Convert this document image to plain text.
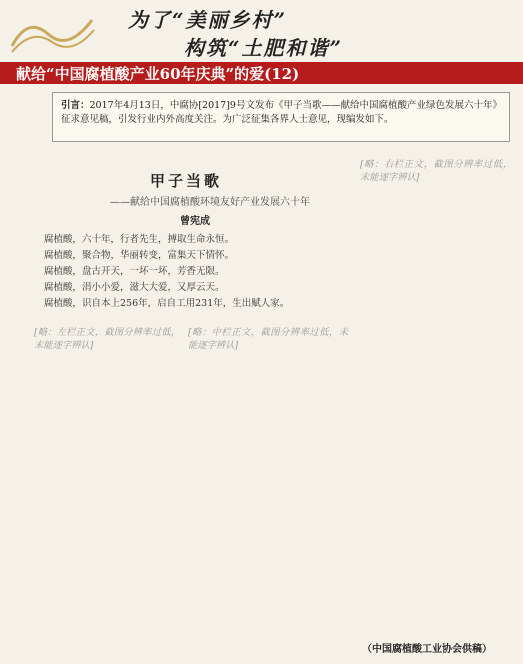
为了“美丽乡村”
构筑“土肥和谐”
献给“中国腐植酸产业60年庆典”的爱(12)
引言：2017年4月13日，中腐协[2017]9号文发布《甲子当歌——献给中国腐植酸产业绿色发展六十年》征求意见稿，引发行业内外高度关注。为广泛征集各界人士意见，现编发如下。
甲子当歌
——献给中国腐植酸环境友好产业发展六十年
曾宪成
腐植酸，六十年，行者先生，搏取生命永恒。
腐植酸，聚合物，华丽转变，富集天下情怀。
腐植酸，盘古开天，一坏一坏，芳香无限。
腐植酸，涓小小爱，滋大大爱，又厚云天。
腐植酸，识自本上256年，启自工用231年，生出赋人家。
[略：右栏正文，截图分辨率过低，未能逐字辨认]
[略：左栏正文，截图分辨率过低，未能逐字辨认]
[略：中栏正文，截图分辨率过低，未能逐字辨认]
（中国腐植酸工业协会供稿）
